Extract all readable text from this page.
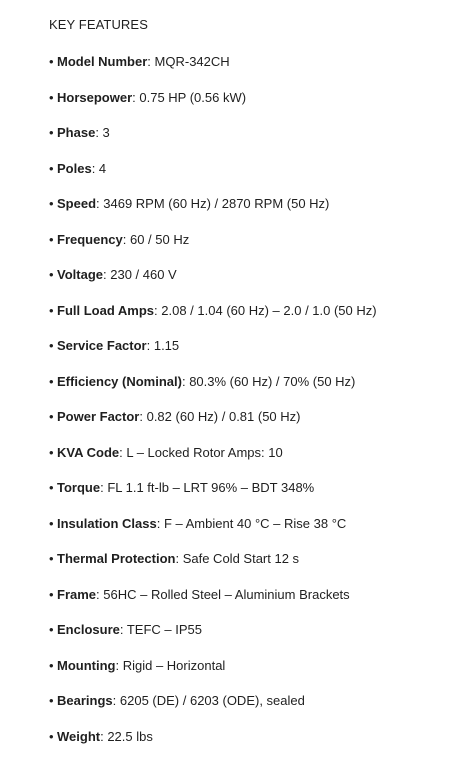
KEY FEATURES
• Model Number: MQR-342CH
• Horsepower: 0.75 HP (0.56 kW)
• Phase: 3
• Poles: 4
• Speed: 3469 RPM (60 Hz) / 2870 RPM (50 Hz)
• Frequency: 60 / 50 Hz
• Voltage: 230 / 460 V
• Full Load Amps: 2.08 / 1.04 (60 Hz) – 2.0 / 1.0 (50 Hz)
• Service Factor: 1.15
• Efficiency (Nominal): 80.3% (60 Hz) / 70% (50 Hz)
• Power Factor: 0.82 (60 Hz) / 0.81 (50 Hz)
• KVA Code: L – Locked Rotor Amps: 10
• Torque: FL 1.1 ft-lb – LRT 96% – BDT 348%
• Insulation Class: F – Ambient 40 °C – Rise 38 °C
• Thermal Protection: Safe Cold Start 12 s
• Frame: 56HC – Rolled Steel – Aluminium Brackets
• Enclosure: TEFC – IP55
• Mounting: Rigid – Horizontal
• Bearings: 6205 (DE) / 6203 (ODE), sealed
• Weight: 22.5 lbs
